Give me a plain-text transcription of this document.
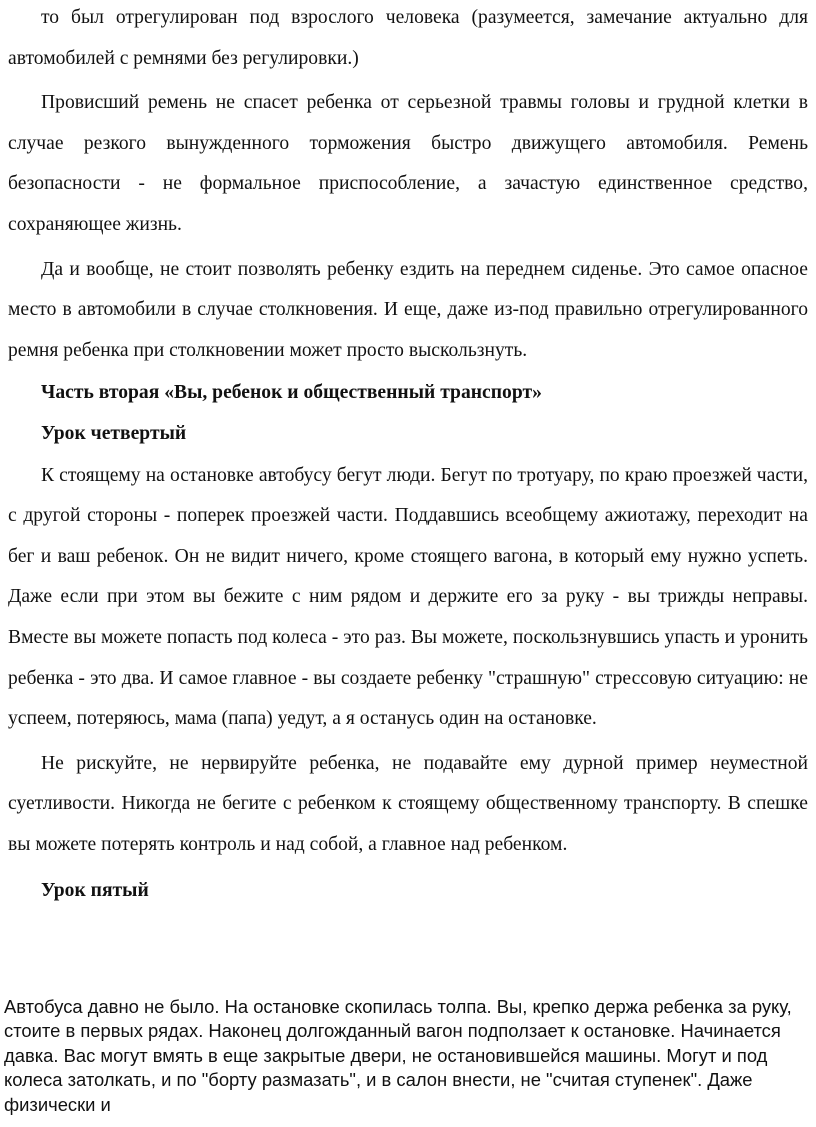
то был отрегулирован под взрослого человека (разумеется, замечание актуально для автомобилей с ремнями без регулировки.)

Провисший ремень не спасет ребенка от серьезной травмы головы и грудной клетки в случае резкого вынужденного торможения быстро движущего автомобиля. Ремень безопасности - не формальное приспособление, а зачастую единственное средство, сохраняющее жизнь.

Да и вообще, не стоит позволять ребенку ездить на переднем сиденье. Это самое опасное место в автомобили в случае столкновения. И еще, даже из-под правильно отрегулированного ремня ребенка при столкновении может просто выскользнуть.

Часть вторая «Вы, ребенок и общественный транспорт»

Урок четвертый

К стоящему на остановке автобусу бегут люди. Бегут по тротуару, по краю проезжей части, с другой стороны - поперек проезжей части. Поддавшись всеобщему ажиотажу, переходит на бег и ваш ребенок. Он не видит ничего, кроме стоящего вагона, в который ему нужно успеть. Даже если при этом вы бежите с ним рядом и держите его за руку - вы трижды неправы. Вместе вы можете попасть под колеса - это раз. Вы можете, поскользнувшись упасть и уронить ребенка - это два. И самое главное - вы создаете ребенку "страшную" стрессовую ситуацию: не успеем, потеряюсь, мама (папа) уедут, а я останусь один на остановке.

Не рискуйте, не нервируйте ребенка, не подавайте ему дурной пример неуместной суетливости. Никогда не бегите с ребенком к стоящему общественному транспорту. В спешке вы можете потерять контроль и над собой, а главное над ребенком.

Урок пятый

Автобуса давно не было. На остановке скопилась толпа. Вы, крепко держа ребенка за руку, стоите в первых рядах. Наконец долгожданный вагон подползает к остановке. Начинается давка. Вас могут вмять в еще закрытые двери, не остановившейся машины. Могут и под колеса затолкать, и по "борту размазать", и в салон внести, не "считая ступенек". Даже физически и
